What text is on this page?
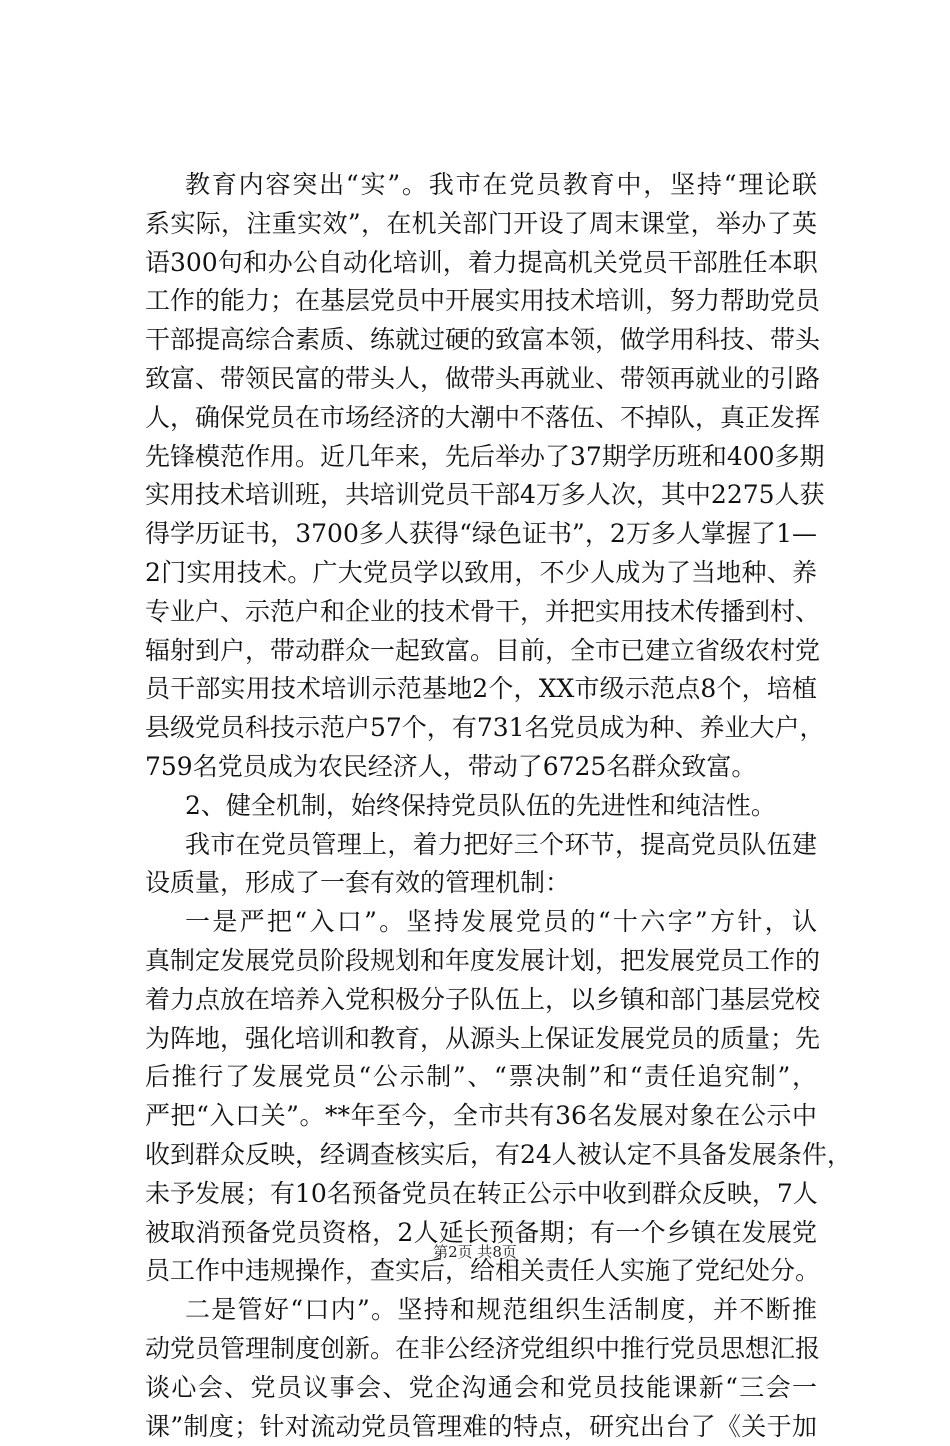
教育内容突出“实”。我市在党员教育中，坚持“理论联
系实际，注重实效”，在机关部门开设了周末课堂，举办了英
语300句和办公自动化培训，着力提高机关党员干部胜任本职
工作的能力；在基层党员中开展实用技术培训，努力帮助党员
干部提高综合素质、练就过硬的致富本领，做学用科技、带头
致富、带领民富的带头人，做带头再就业、带领再就业的引路
人，确保党员在市场经济的大潮中不落伍、不掉队，真正发挥
先锋模范作用。近几年来，先后举办了37期学历班和400多期
实用技术培训班，共培训党员干部4万多人次，其中2275人获
得学历证书，3700多人获得“绿色证书”，2万多人掌握了1—
2门实用技术。广大党员学以致用，不少人成为了当地种、养
专业户、示范户和企业的技术骨干，并把实用技术传播到村、
辐射到户，带动群众一起致富。目前，全市已建立省级农村党
员干部实用技术培训示范基地2个，XX市级示范点8个，培植
县级党员科技示范户57个，有731名党员成为种、养业大户，
759名党员成为农民经济人，带动了6725名群众致富。
2、健全机制，始终保持党员队伍的先进性和纯洁性。
我市在党员管理上，着力把好三个环节，提高党员队伍建
设质量，形成了一套有效的管理机制：
一是严把“入口”。坚持发展党员的“十六字”方针，认
真制定发展党员阶段规划和年度发展计划，把发展党员工作的
着力点放在培养入党积极分子队伍上，以乡镇和部门基层党校
为阵地，强化培训和教育，从源头上保证发展党员的质量；先
后推行了发展党员“公示制”、“票决制”和“责任追究制”，
严把“入口关”。**年至今，全市共有36名发展对象在公示中
收到群众反映，经调查核实后，有24人被认定不具备发展条件，
未予发展；有10名预备党员在转正公示中收到群众反映，7人
被取消预备党员资格，2人延长预备期；有一个乡镇在发展党
员工作中违规操作，查实后，给相关责任人实施了党纪处分。
二是管好“口内”。坚持和规范组织生活制度，并不断推
动党员管理制度创新。在非公经济党组织中推行党员思想汇报
谈心会、党员议事会、党企沟通会和党员技能课新“三会一
课”制度；针对流动党员管理难的特点，研究出台了《关于加
第2页 共8页
